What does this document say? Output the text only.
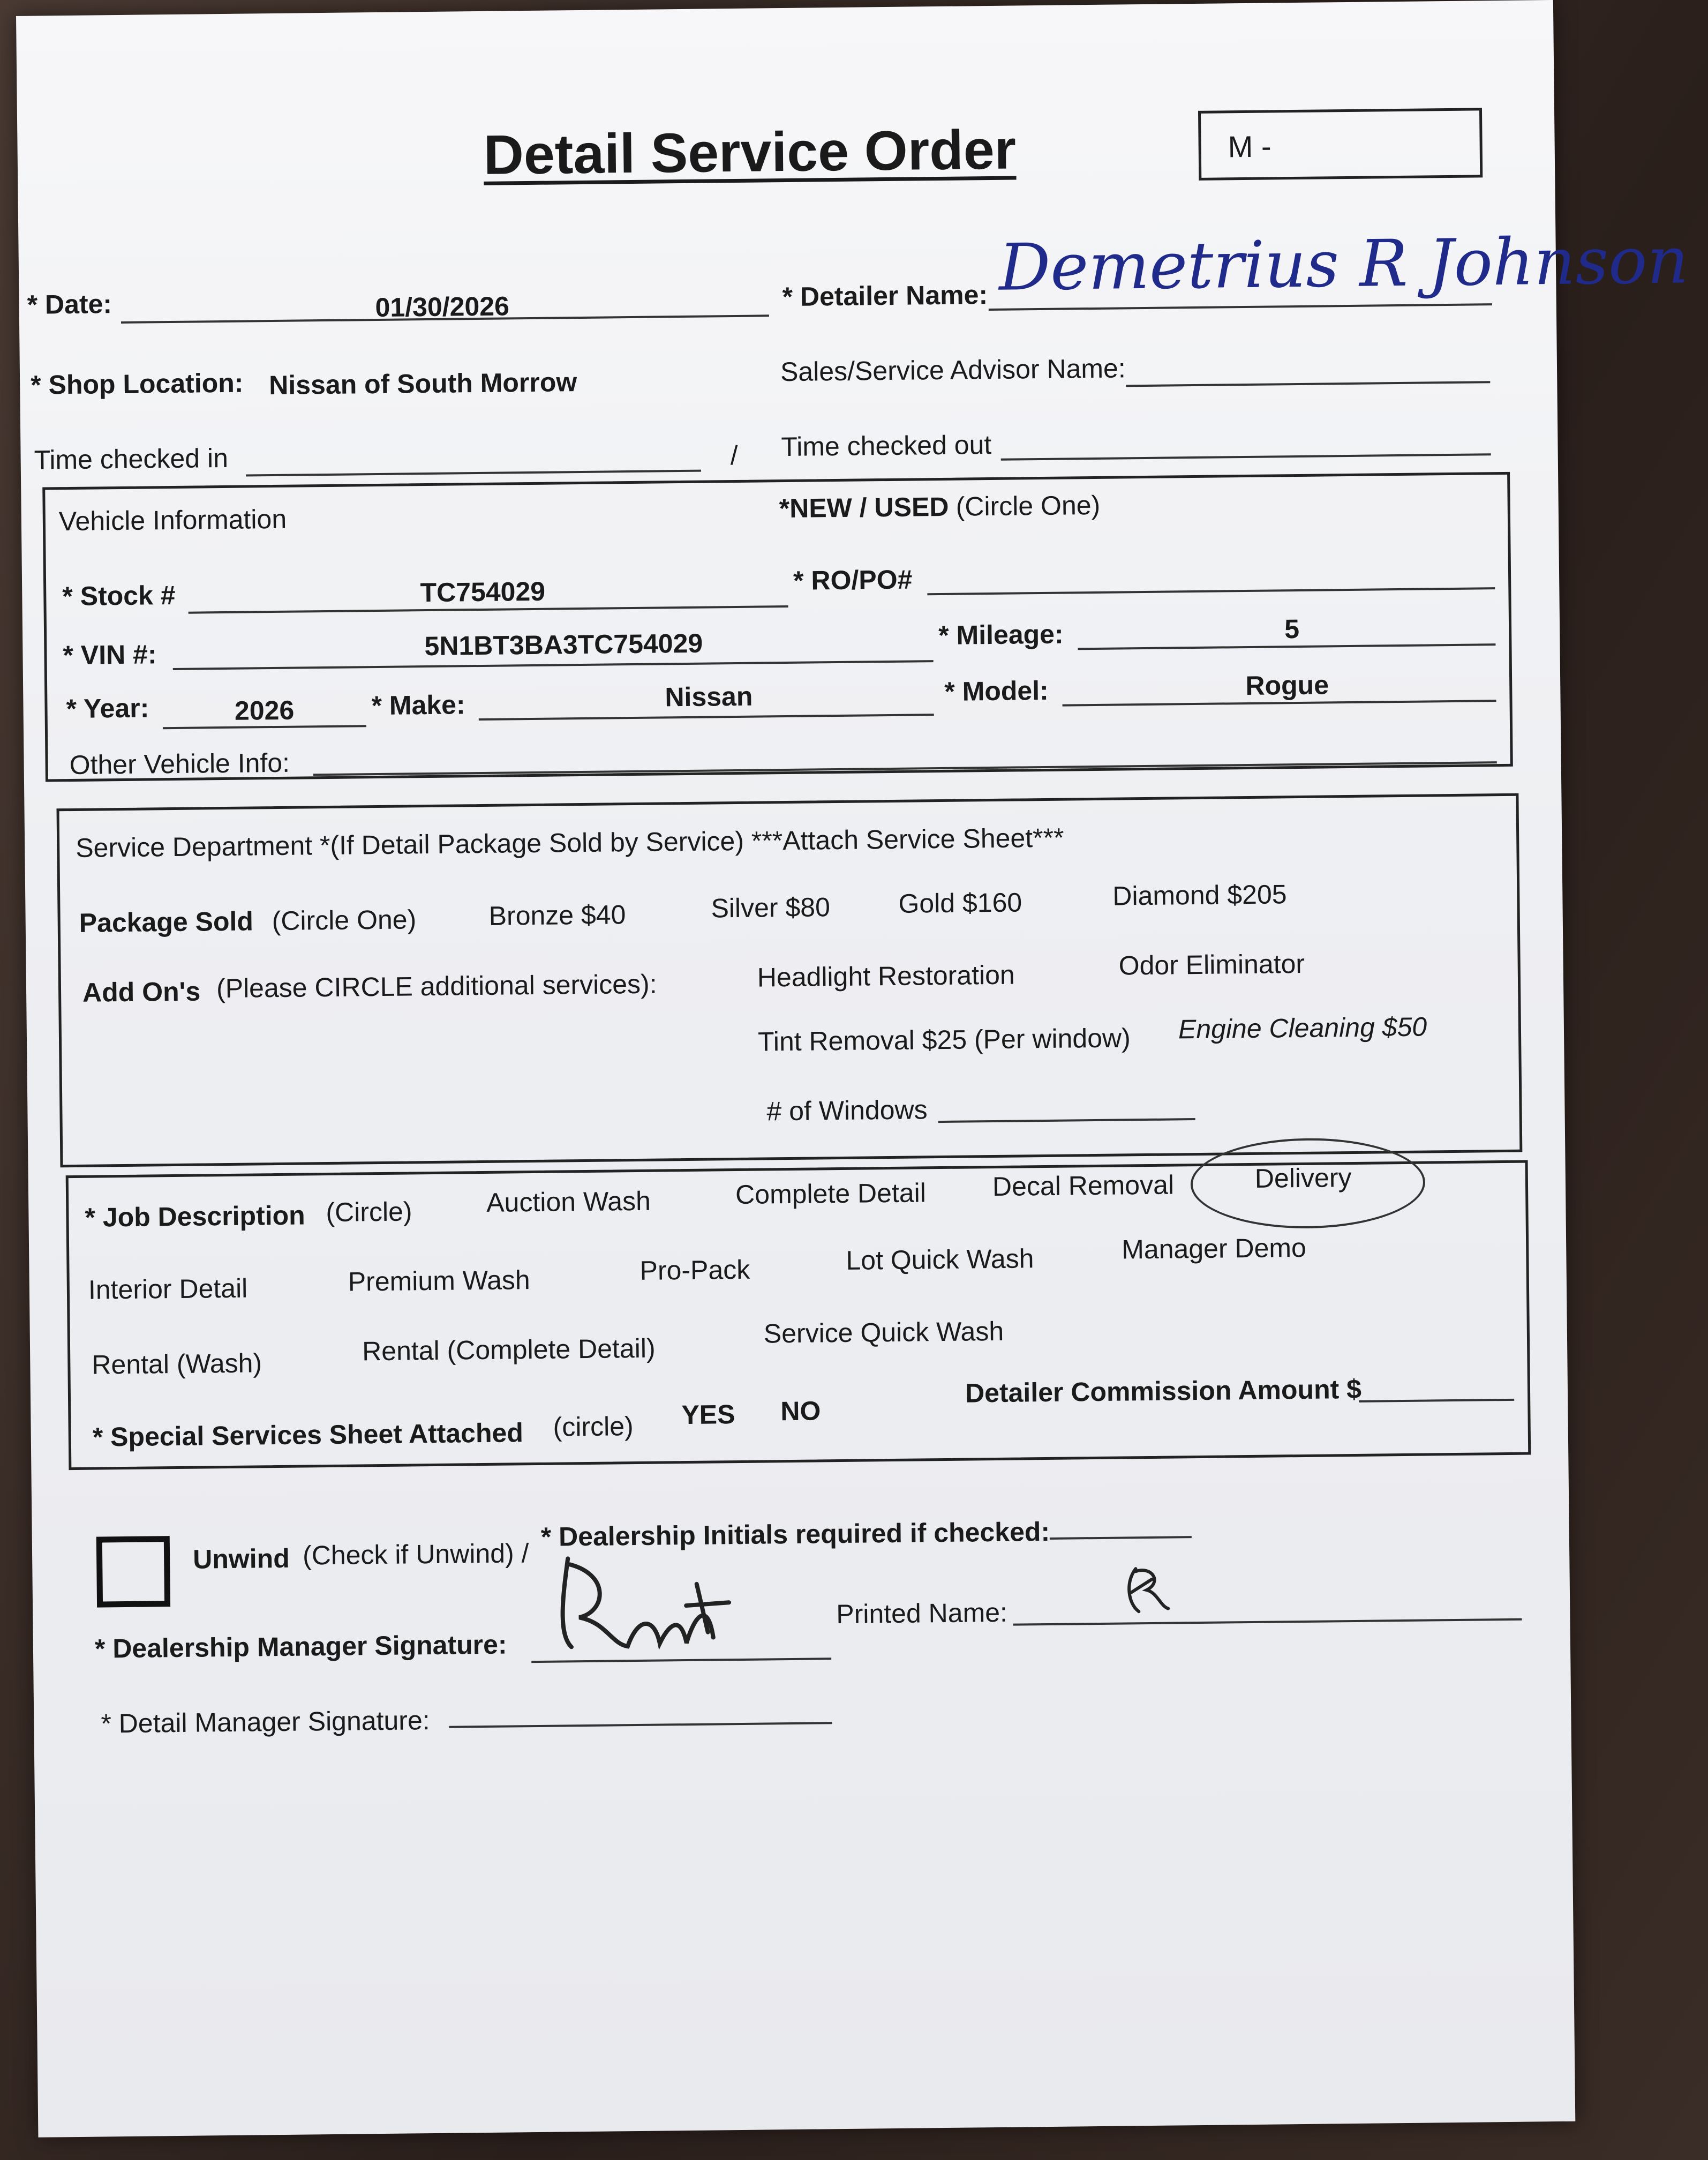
Detail Service Order	M -
* Date:	01/30/2026	* Detailer Name: Demetrius R Johnson
* Shop Location: Nissan of South Morrow	Sales/Service Advisor Name:
Time checked in	/ Time checked out
Vehicle Information	*NEW / USED (Circle One)
* Stock #	TC754029	* RO/PO#
* VIN #:	5N1BT3BA3TC754029	* Mileage:	5
* Year:	2026	* Make:	Nissan	* Model:	Rogue
Other Vehicle Info:
Service Department *(If Detail Package Sold by Service) ***Attach Service Sheet***
Package Sold (Circle One)	Bronze $40	Silver $80	Gold $160	Diamond $205
Add On's (Please CIRCLE additional services):	Headlight Restoration	Odor Eliminator
Tint Removal $25 (Per window) Engine Cleaning $50
# of Windows
* Job Description (Circle)	Auction Wash	Complete Detail Decal Removal	Delivery
Interior Detail	Premium Wash	Pro-Pack	Lot Quick Wash	Manager Demo
Rental (Wash)	Rental (Complete Detail)
Service Quick Wash
* Special Services Sheet Attached (circle) YES NO
Detailer Commission Amount $
Unwind (Check if Unwind) /
* Dealership Initials required if checked:
* Dealership Manager Signature:
Printed Name:
* Detail Manager Signature:
